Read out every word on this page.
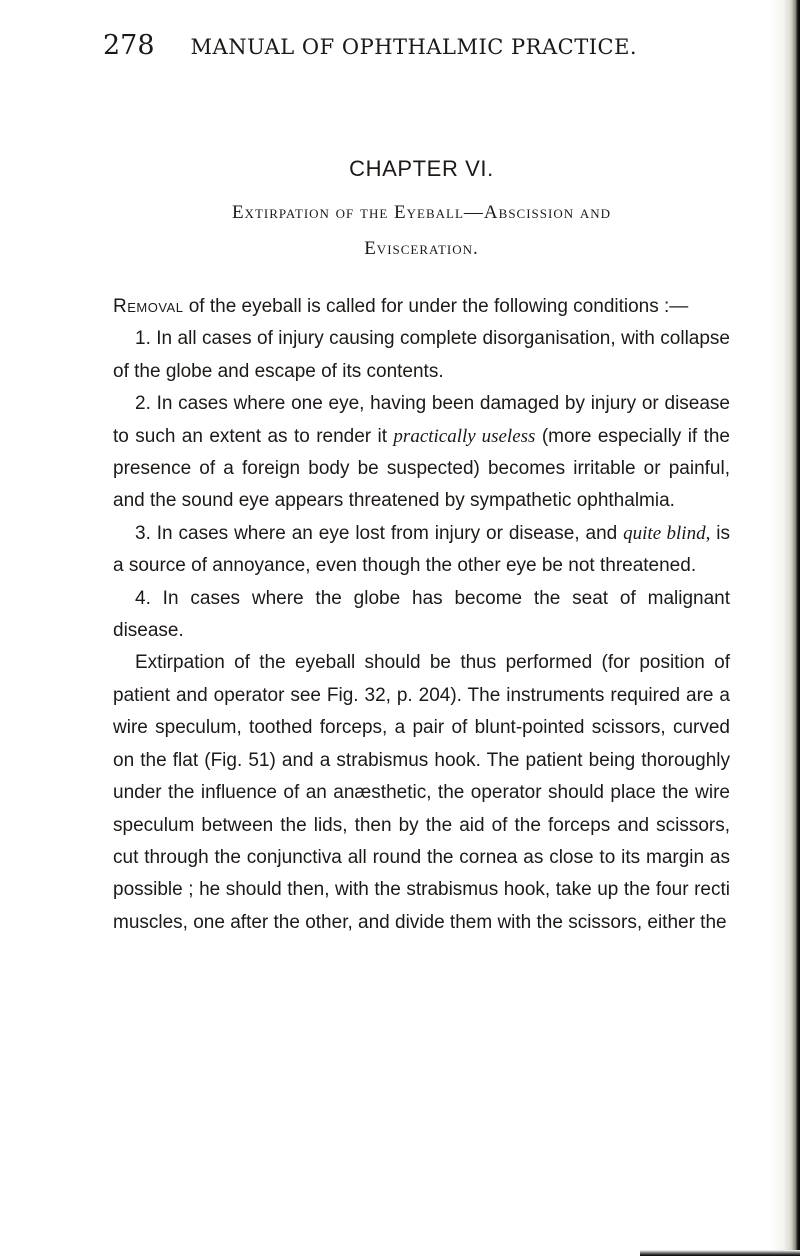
278 MANUAL OF OPHTHALMIC PRACTICE.
CHAPTER VI.
Extirpation of the Eyeball—Abscission and
Evisceration.

Removal of the eyeball is called for under the following conditions :—

1. In all cases of injury causing complete disorganisation, with collapse of the globe and escape of its contents.

2. In cases where one eye, having been damaged by injury or disease to such an extent as to render it practically useless (more especially if the presence of a foreign body be suspected) becomes irritable or painful, and the sound eye appears threatened by sympathetic ophthalmia.

3. In cases where an eye lost from injury or disease, and quite blind, is a source of annoyance, even though the other eye be not threatened.

4. In cases where the globe has become the seat of malignant disease.

Extirpation of the eyeball should be thus performed (for position of patient and operator see Fig. 32, p. 204). The instruments required are a wire speculum, toothed forceps, a pair of blunt-pointed scissors, curved on the flat (Fig. 51) and a strabismus hook. The patient being thoroughly under the influence of an anæsthetic, the operator should place the wire speculum between the lids, then by the aid of the forceps and scissors, cut through the conjunctiva all round the cornea as close to its margin as possible ; he should then, with the strabismus hook, take up the four recti muscles, one after the other, and divide them with the scissors, either the
